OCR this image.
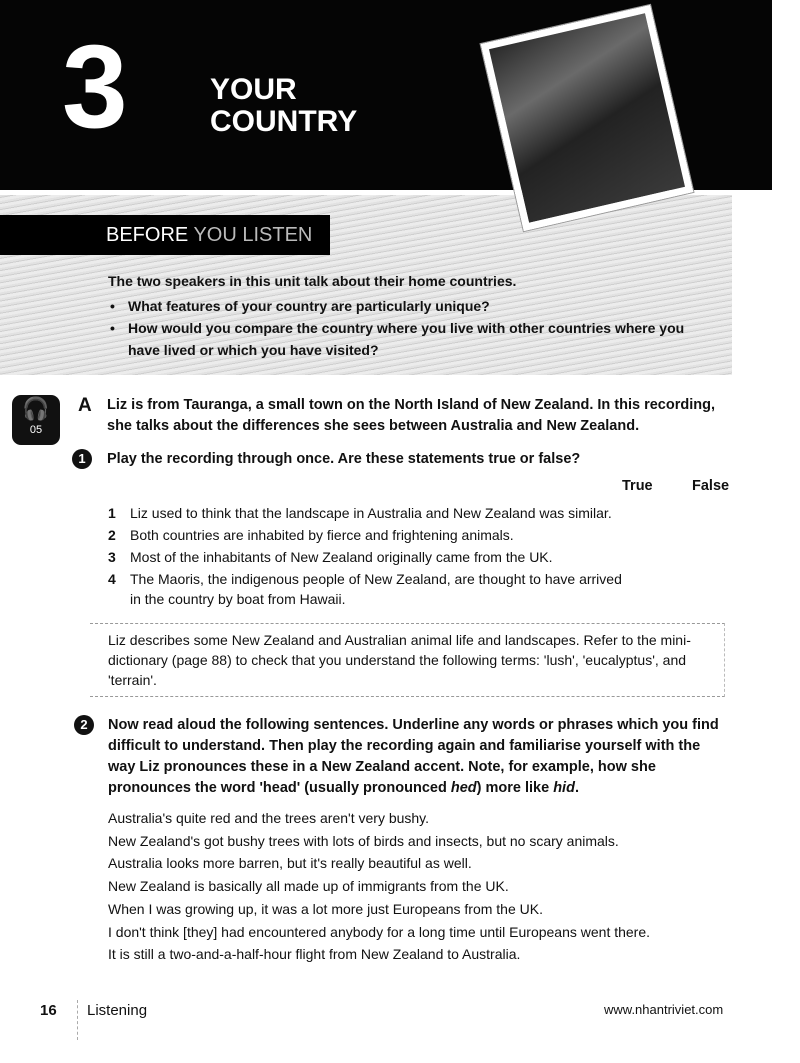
3	YOUR
COUNTRY
BEFORE YOU LISTEN
The two speakers in this unit talk about their home countries.
• What features of your country are particularly unique?
• How would you compare the country where you live with other countries where you have lived or which you have visited?
🎧
05
A	Liz is from Tauranga, a small town on the North Island of New Zealand. In this recording, she talks about the differences she sees between Australia and New Zealand.
1	Play the recording through once. Are these statements true or false?
True	False
1	Liz used to think that the landscape in Australia and New Zealand was similar.
2	Both countries are inhabited by fierce and frightening animals.
3	Most of the inhabitants of New Zealand originally came from the UK.
4	The Maoris, the indigenous people of New Zealand, are thought to have arrived in the country by boat from Hawaii.
Liz describes some New Zealand and Australian animal life and landscapes. Refer to the mini-dictionary (page 88) to check that you understand the following terms: 'lush', 'eucalyptus', and 'terrain'.
2	Now read aloud the following sentences. Underline any words or phrases which you find difficult to understand. Then play the recording again and familiarise yourself with the way Liz pronounces these in a New Zealand accent. Note, for example, how she pronounces the word 'head' (usually pronounced hed) more like hid.
Australia's quite red and the trees aren't very bushy.
New Zealand's got bushy trees with lots of birds and insects, but no scary animals.
Australia looks more barren, but it's really beautiful as well.
New Zealand is basically all made up of immigrants from the UK.
When I was growing up, it was a lot more just Europeans from the UK.
I don't think [they] had encountered anybody for a long time until Europeans went there.
It is still a two-and-a-half-hour flight from New Zealand to Australia.
16 Listening	www.nhantriviet.com
